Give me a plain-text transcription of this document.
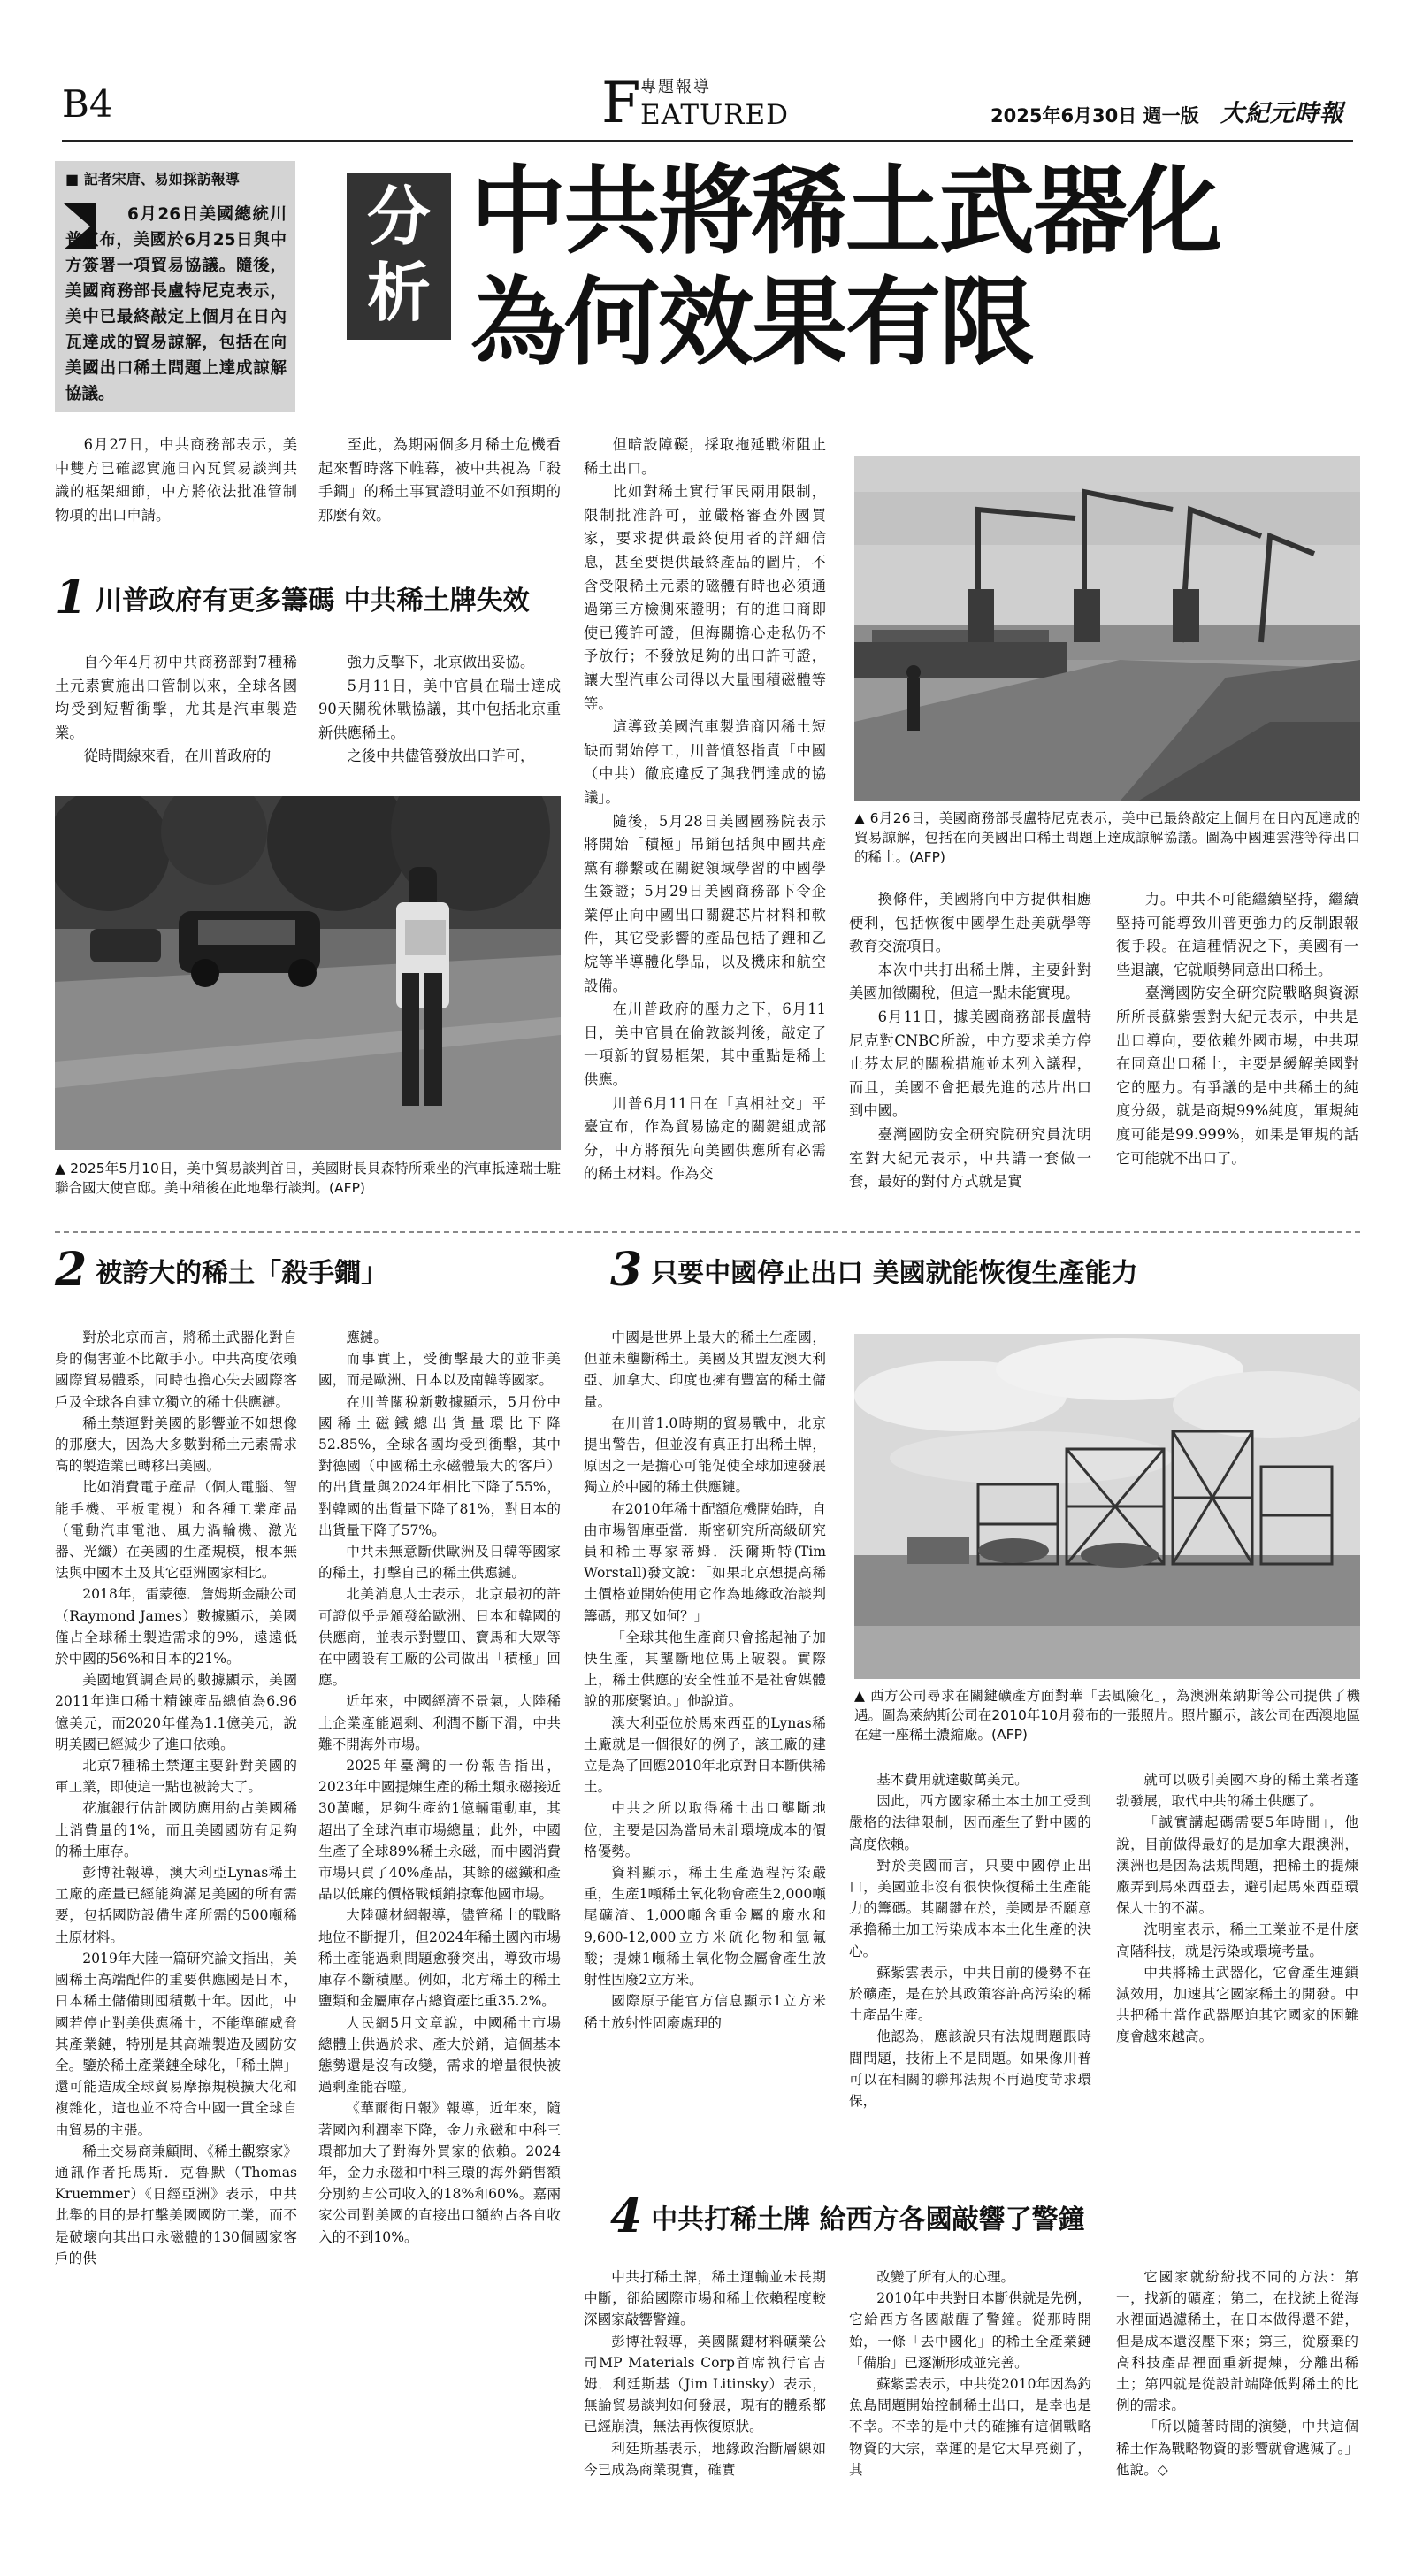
B4	F 專題報導
EATURED	2025年6月30日 週一版 大紀元時報
■ 記者宋唐、易如採訪報導
6月26日美國總統川普宣布，美國於6月25日與中方簽署一項貿易協議。隨後，美國商務部長盧特尼克表示，美中已最終敲定上個月在日內瓦達成的貿易諒解，包括在向美國出口稀土問題上達成諒解協議。
分析
中共將稀土武器化
為何效果有限

6月27日，中共商務部表示，美中雙方已確認實施日內瓦貿易談判共識的框架細節，中方將依法批准管制物項的出口申請。

至此，為期兩個多月稀土危機看起來暫時落下帷幕，被中共視為「殺手鐧」的稀土事實證明並不如預期的那麼有效。

但暗設障礙，採取拖延戰術阻止稀土出口。

比如對稀土實行軍民兩用限制，限制批准許可，並嚴格審查外國買家，要求提供最終使用者的詳細信息，甚至要提供最終產品的圖片，不含受限稀土元素的磁體有時也必須通過第三方檢測來證明；有的進口商即使已獲許可證，但海關擔心走私仍不予放行；不發放足夠的出口許可證，讓大型汽車公司得以大量囤積磁體等等。

這導致美國汽車製造商因稀土短缺而開始停工，川普憤怒指責「中國（中共）徹底違反了與我們達成的協議」。

隨後，5月28日美國國務院表示將開始「積極」吊銷包括與中國共產黨有聯繫或在關鍵領域學習的中國學生簽證；5月29日美國商務部下令企業停止向中國出口關鍵芯片材料和軟件，其它受影響的產品包括了鋰和乙烷等半導體化學品，以及機床和航空設備。

在川普政府的壓力之下，6月11日，美中官員在倫敦談判後，敲定了一項新的貿易框架，其中重點是稀土供應。

川普6月11日在「真相社交」平臺宣布，作為貿易協定的關鍵組成部分，中方將預先向美國供應所有必需的稀土材料。作為交

1 川普政府有更多籌碼 中共稀土牌失效

自今年4月初中共商務部對7種稀土元素實施出口管制以來，全球各國均受到短暫衝擊，尤其是汽車製造業。

從時間線來看，在川普政府的

強力反擊下，北京做出妥協。

5月11日，美中官員在瑞士達成90天關稅休戰協議，其中包括北京重新供應稀土。

之後中共儘管發放出口許可，

▲ 2025年5月10日，美中貿易談判首日，美國財長貝森特所乘坐的汽車抵達瑞士駐聯合國大使官邸。美中稍後在此地舉行談判。(AFP)
▲ 6月26日，美國商務部長盧特尼克表示，美中已最終敲定上個月在日內瓦達成的貿易諒解，包括在向美國出口稀土問題上達成諒解協議。圖為中國連雲港等待出口的稀土。(AFP)

換條件，美國將向中方提供相應便利，包括恢復中國學生赴美就學等教育交流項目。

本次中共打出稀土牌，主要針對美國加徵關稅，但這一點未能實現。

6月11日，據美國商務部長盧特尼克對CNBC所說，中方要求美方停止芬太尼的關稅措施並未列入議程，而且，美國不會把最先進的芯片出口到中國。

臺灣國防安全研究院研究員沈明室對大紀元表示，中共講一套做一套，最好的對付方式就是實

力。中共不可能繼續堅持，繼續堅持可能導致川普更強力的反制跟報復手段。在這種情況之下，美國有一些退讓，它就順勢同意出口稀土。

臺灣國防安全研究院戰略與資源所所長蘇紫雲對大紀元表示，中共是出口導向，要依賴外國市場，中共現在同意出口稀土，主要是緩解美國對它的壓力。有爭議的是中共稀土的純度分級，就是商規99%純度，軍規純度可能是99.999%，如果是軍規的話它可能就不出口了。

2 被誇大的稀土「殺手鐧」

對於北京而言，將稀土武器化對自身的傷害並不比敵手小。中共高度依賴國際貿易體系，同時也擔心失去國際客戶及全球各自建立獨立的稀土供應鏈。

稀土禁運對美國的影響並不如想像的那麼大，因為大多數對稀土元素需求高的製造業已轉移出美國。

比如消費電子產品（個人電腦、智能手機、平板電視）和各種工業產品（電動汽車電池、風力渦輪機、激光器、光纖）在美國的生產規模，根本無法與中國本土及其它亞洲國家相比。

2018年，雷蒙德．詹姆斯金融公司（Raymond James）數據顯示，美國僅占全球稀土製造需求的9%，遠遠低於中國的56%和日本的21%。

美國地質調查局的數據顯示，美國2011年進口稀土精鍊產品總值為6.96億美元，而2020年僅為1.1億美元，說明美國已經減少了進口依賴。

北京7種稀土禁運主要針對美國的軍工業，即使這一點也被誇大了。

花旗銀行估計國防應用約占美國稀土消費量的1%，而且美國國防有足夠的稀土庫存。

彭博社報導，澳大利亞Lynas稀土工廠的產量已經能夠滿足美國的所有需要，包括國防設備生產所需的500噸稀土原材料。

2019年大陸一篇研究論文指出，美國稀土高端配件的重要供應國是日本，日本稀土儲備則囤積數十年。因此，中國若停止對美供應稀土，不能準確威脅其產業鏈，特別是其高端製造及國防安全。鑒於稀土產業鏈全球化，「稀土牌」還可能造成全球貿易摩擦規模擴大化和複雜化，這也並不符合中國一貫全球自由貿易的主張。

稀土交易商兼顧問、《稀土觀察家》通訊作者托馬斯．克魯默（Thomas Kruemmer）《日經亞洲》表示，中共此舉的目的是打擊美國國防工業，而不是破壞向其出口永磁體的130個國家客戶的供

應鏈。

而事實上，受衝擊最大的並非美國，而是歐洲、日本以及南韓等國家。

在川普關稅新數據顯示，5月份中國稀土磁鐵總出貨量環比下降52.85%，全球各國均受到衝擊，其中對德國（中國稀土永磁體最大的客戶）的出貨量與2024年相比下降了55%，對韓國的出貨量下降了81%，對日本的出貨量下降了57%。

中共未無意斷供歐洲及日韓等國家的稀土，打擊自己的稀土供應鏈。

北美消息人士表示，北京最初的許可證似乎是頒發給歐洲、日本和韓國的供應商，並表示對豐田、寶馬和大眾等在中國設有工廠的公司做出「積極」回應。

近年來，中國經濟不景氣，大陸稀土企業產能過剩、利潤不斷下滑，中共難不開海外市場。

2025年臺灣的一份報告指出，2023年中國提煉生產的稀土類永磁接近30萬噸，足夠生產約1億輛電動車，其超出了全球汽車市場總量；此外，中國生產了全球89%稀土永磁，而中國消費市場只買了40%產品，其餘的磁鐵和產品以低廉的價格戰傾銷掠奪他國市場。

大陸礦材網報導，儘管稀土的戰略地位不斷提升，但2024年稀土國內市場稀土產能過剩問題愈發突出，導致市場庫存不斷積壓。例如，北方稀土的稀土鹽類和金屬庫存占總資產比重35.2%。

人民網5月文章說，中國稀土市場總體上供過於求、產大於銷，這個基本態勢還是沒有改變，需求的增量很快被過剩產能吞噬。

《華爾街日報》報導，近年來，隨著國內利潤率下降，金力永磁和中科三環都加大了對海外買家的依賴。2024年，金力永磁和中科三環的海外銷售額分別約占公司收入的18%和60%。嘉兩家公司對美國的直接出口額約占各自收入的不到10%。

3 只要中國停止出口 美國就能恢復生產能力

中國是世界上最大的稀土生產國，但並未壟斷稀土。美國及其盟友澳大利亞、加拿大、印度也擁有豐富的稀土儲量。

在川普1.0時期的貿易戰中，北京提出警告，但並沒有真正打出稀土牌，原因之一是擔心可能促使全球加速發展獨立於中國的稀土供應鏈。

在2010年稀土配額危機開始時，自由市場智庫亞當．斯密研究所高級研究員和稀土專家蒂姆．沃爾斯特(Tim Worstall)發文說：「如果北京想提高稀土價格並開始使用它作為地緣政治談判籌碼，那又如何？」

「全球其他生產商只會搖起袖子加快生產，其壟斷地位馬上破裂。實際上，稀土供應的安全性並不是社會媒體說的那麼緊迫。」他說道。

澳大利亞位於馬來西亞的Lynas稀土廠就是一個很好的例子，該工廠的建立是為了回應2010年北京對日本斷供稀土。

中共之所以取得稀土出口壟斷地位，主要是因為當局未計環境成本的價格優勢。

資料顯示，稀土生產過程污染嚴重，生產1噸稀土氧化物會產生2,000噸尾礦渣、1,000噸含重金屬的廢水和9,600-12,000立方米硫化物和氫氟酸；提煉1噸稀土氧化物金屬會產生放射性固廢2立方米。

國際原子能官方信息顯示1立方米稀土放射性固廢處理的

▲ 西方公司尋求在關鍵礦產方面對華「去風險化」，為澳洲萊納斯等公司提供了機遇。圖為萊納斯公司在2010年10月發布的一張照片。照片顯示，該公司在西澳地區在建一座稀土濃縮廠。(AFP)

基本費用就達數萬美元。

因此，西方國家稀土本土加工受到嚴格的法律限制，因而產生了對中國的高度依賴。

對於美國而言，只要中國停止出口，美國並非沒有很快恢復稀土生產能力的籌碼。其關鍵在於，美國是否願意承擔稀土加工污染成本本土化生產的決心。

蘇紫雲表示，中共目前的優勢不在於礦產，是在於其政策容許高污染的稀土產品生產。

他認為，應該說只有法規問題跟時間問題，技術上不是問題。如果像川普可以在相關的聯邦法規不再過度苛求環保，

就可以吸引美國本身的稀土業者蓬勃發展，取代中共的稀土供應了。

「誠實講起碼需要5年時間」，他說，目前做得最好的是加拿大跟澳洲，澳洲也是因為法規問題，把稀土的提煉廠弄到馬來西亞去，避引起馬來西亞環保人士的不滿。

沈明室表示，稀土工業並不是什麼高階科技，就是污染或環境考量。

中共將稀土武器化，它會產生連鎖減效用，加速其它國家稀土的開發。中共把稀土當作武器壓迫其它國家的困難度會越來越高。

4 中共打稀土牌 給西方各國敲響了警鐘

中共打稀土牌，稀土運輸並未長期中斷，卻給國際市場和稀土依賴程度較深國家敲響警鐘。

彭博社報導，美國關鍵材料礦業公司MP Materials Corp首席執行官吉姆．利廷斯基（Jim Litinsky）表示，無論貿易談判如何發展，現有的體系都已經崩潰，無法再恢復原狀。

利廷斯基表示，地緣政治斷層線如今已成為商業現實，確實

改變了所有人的心理。

2010年中共對日本斷供就是先例，它給西方各國敲醒了警鐘。從那時開始，一條「去中國化」的稀土全產業鏈「備胎」已逐漸形成並完善。

蘇紫雲表示，中共從2010年因為釣魚島問題開始控制稀土出口，是幸也是不幸。不幸的是中共的確擁有這個戰略物資的大宗，幸運的是它太早亮劍了，其

它國家就紛紛找不同的方法：第一，找新的礦產；第二，在找統上從海水裡面過濾稀土，在日本做得還不錯，但是成本還沒壓下來；第三，從廢棄的高科技產品裡面重新提煉，分離出稀土；第四就是從設計端降低對稀土的比例的需求。

「所以隨著時間的演變，中共這個稀土作為戰略物資的影響就會遞減了。」他說。◇
